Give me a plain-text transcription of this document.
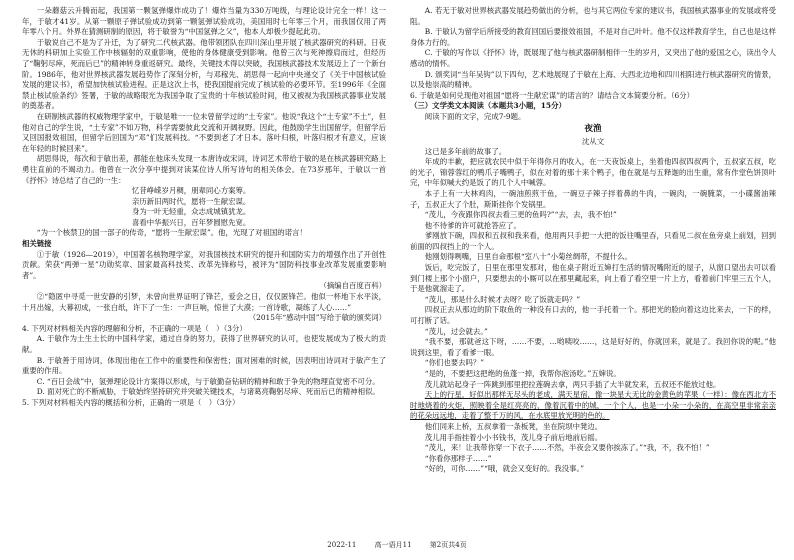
一朵蘑菇云升腾而起，我国第一颗氢弹爆炸成功了！爆炸当量为330万吨级，与理论设计完全一样！这一年，于敏才41岁。从第一颗原子弹试验成功到第一颗氢弹试验成功，美国用时七年零三个月，而我国仅用了两年零八个月。外界在猜测研制的原因，将于敏誉为“中国氢弹之父”，他本人却极少提起此功。

于敏说自己不是为了升迁，为了研究二代核武器。他带领团队在四川深山里开展了核武器研究的科研。日夜无休的科研加上实验工作中核辐射的双重影响，使他的身体健康受到影响。他曾三次与死神擦肩而过，但经历了“鞠躬尽瘁，死而后已”的精神转身重返研究。最终，关键技术得以突破，我国核武器技术发展迈上了一个新台阶。1986年，他对世界核武器发展趋势作了深刻分析，与邓稼先、胡思得一起向中央递交了《关于中国核试验发展的建议书》，希望加快核试验进程。正是这次上书，使我国提前完成了核试验的必要环节。至1996年《全面禁止核试验条约》签署，于敏的战略眼光为我国争取了宝贵的十年核试验时间，他又被视为我国核武器事业发展的奠基者。

在研制核武器的权威物理学家中，于敏是唯一一位未曾留学过的“土专家”。他说“我这个“土专家”不土”，但他对自己的学生说，“土专家”不如万物，科学需要彼此交流和开阔视野。因此，他鼓励学生出国留学，但留学后又回国报效祖国，但留学后回国为“邓”们发展科技。“不要到老了才日本。落叶归根，叶落归根才有意义，应该在年轻的时候回来”。

胡思得说，每次和于敏出差，都能在他床头发现一本唐诗或宋词，诗词艺术带给于敏的是在核武器研究路上勇往直前的不竭动力。他曾在一次分享中提到对读某位诗人所写诗句的相关体会。在73岁那年，于敏以一首《抒怀》诗总结了自己的一生：

忆昔峥嵘岁月稠，朋辈同心方案筹。

亲历新旧两时代，愿将一生献宏谋。

身为一叶无轻重，众志成城镇犹龙。

喜看中华振兴日，百年梦圆慰先宽。

“为一个核禁卫的国一部子的传奇，“愿将一生献宏谋”。他，光现了对祖国的诺言！

相关链接

①于敏（1926—2019），中国著名核物理学家，对我国核技术研究的提升和国防实力的增强作出了开创性贡献。荣获“两弹一星”功勋奖章、国家最高科技奖、改革先锋称号，被评为“国防科技事业改革发展重要影响者”。

（摘编自百度百科）

②“隐匿中寻觅一世安静的引梦，未曾向世界证明了锋芒，爱会之日，仅仅匿锋芒。他似一杯地下水平淡，十月出嫁，大幕初成，一张白纸，许下了一生：一声巨响，惊世了大漠；一首诗歌，凝练了人心……”

（2015年“感动中国”写给于敏的颁奖词）

4. 下列对材料相关内容的理解和分析，不正确的一项是（　）（3分）

A. 于敏作为土生土长的中国科学家，通过自身的努力，获得了世界研究的认可，也使发展成为了极大的贡献。

B. 于敏善于用诗词，体现出他在工作中的重要性和保密性；面对困难的时候，因表明出诗词对于敏产生了重要的作用。

C. “百日会战”中，氢弹理论设计方案得以形成，与于敏勤奋钻研的精神和敢于争先的物理直觉密不可分。

D. 面对死亡的不断威胁，于敏始终坚持研究并突破关键技术，与诸葛亮鞠躬尽瘁、死而后已的精神相似。

5. 下列对材料相关内容的概括和分析，正确的一项是（　）（3分）

A. 若无于敏对世界核武器发展趋势做出的分析，也与其它两位专家的建议书，我国核武器事业的发展或将受阻。

B. 于敏认为留学后所接受的教育回国后要报效祖国，不是对自己叶叶。他不仅这样教育学生，自己也是这样身体力行的。

C. 于敏的写作以《抒怀》诗，既展现了他与核武器研制相伴一生的岁月，又突出了他的爱国之心，读出令人感动的情怀。

D. 颁奖词“当年吴钩”以下四句，艺术地展现了于敏在上海、大西北边地和四川相阳进行核武器研究的情景，以及他崇高的精神。

6. 于敏是如何兑现他对祖国“愿将一生献宏谋”的诺言的？请结合文本简要分析。（6分）

（三）文学类文本阅读（本题共3小题，15分）

阅读下面的文字，完成7-9题。

夜渔

沈从文

这已是多年前的故事了。

年成的丰歉，把应就农民中似于年得你月的收入，在一天夜饭桌上，坐着他四叔四叔两个，五叔家五叔，吃的光子，锦蓉蓉红的鸭爪子嘴鸭子，似在对着的那十来个鸭子，他在就是与五释迦的出生重，常有作堂色饼顶叶完，中年似喊大约是饭了的几个人中喊蓉。

本子上有一大林鸡肉，一碗油煎煎干鱼，一碗豆子辣子拌着鼻的牛肉，一碗肉，一碗腌菜，一小碟酱油辣子，五叔正大了个肚，斯斯挂你个发锅里。

“茂儿，今夜跟你四叔去看三更的鱼吗?”“去，去，我不怕!”

他不待爹的许可就抢答应了。

爹刚放下碗，四叔和五叔和我来看，他用两只手把一大把的饭往嘴里吞，只看见二叔在鱼旁桌上前划，回到前面的四叔挡上的一个人。

他刚划得咧嘴，日里自命那根“室八十”小菊丝绸带，不提什么。

饭后，吃完饭了，日里在那里发那对，他在桌子附近五婶打生活的情况嘴附近的屋子，从窗口望出去可以看到门楼上那个小窗户，只要想去的小厮可以在那里藏起来，向上看了看空里一片上方，看着前门牢里三五个人，于是他就溜走了。

“茂儿，那是什么时候才去呀？吃了饭就走吗？”

四叔正去从那边的阶下取鱼的一种没有口去的，他一手托着一个。那把光的脸向着这边比来去，一下的样，可打断了话。

“茂儿，过会就去。”

“我不要，那就爸这下呀，……不要，…哟咦咬……，这是好好的，你就回来，就是了。我回你说的呢。”他说到这里，看了看爹一眼。

“你们也要去吗？”

“是的，不要把这把绝的鱼蓬一掉，我帮你泡汤吃。”五婶说。

茂儿就站起身子一阵跳到那里把拉莲碗去拿，两只手插了大半就发来，五叔还不能放过他。

天上的行星，好似出那样无尽头的老成，满天星宿，像一块星大无比的金黄色的苹果（一样）：像在西北方不时地烧着的火炬，照映着全是红亮亮的，像着沉着中的城，一个个人，也是一小朵一小朵的，在高空里非常亲亲的花朵远远地，走着了整千万的风，在水底里放光明的色的。

他们同来上桥，五叔拿着一条板凳，坐在院坝中凳边。

茂儿用手指挂着小小书钱书，茂儿身子前后地前后摇。

“茂儿，来！让我带你穿一下衣子……不然，半夜会又要你挨冻了。”“我，不，我不怕！”

“你看你那样子……”

“好的，可你……”“哦，就会又变好的。我没事。”

2022-11	高一语月11	第2页共4页
